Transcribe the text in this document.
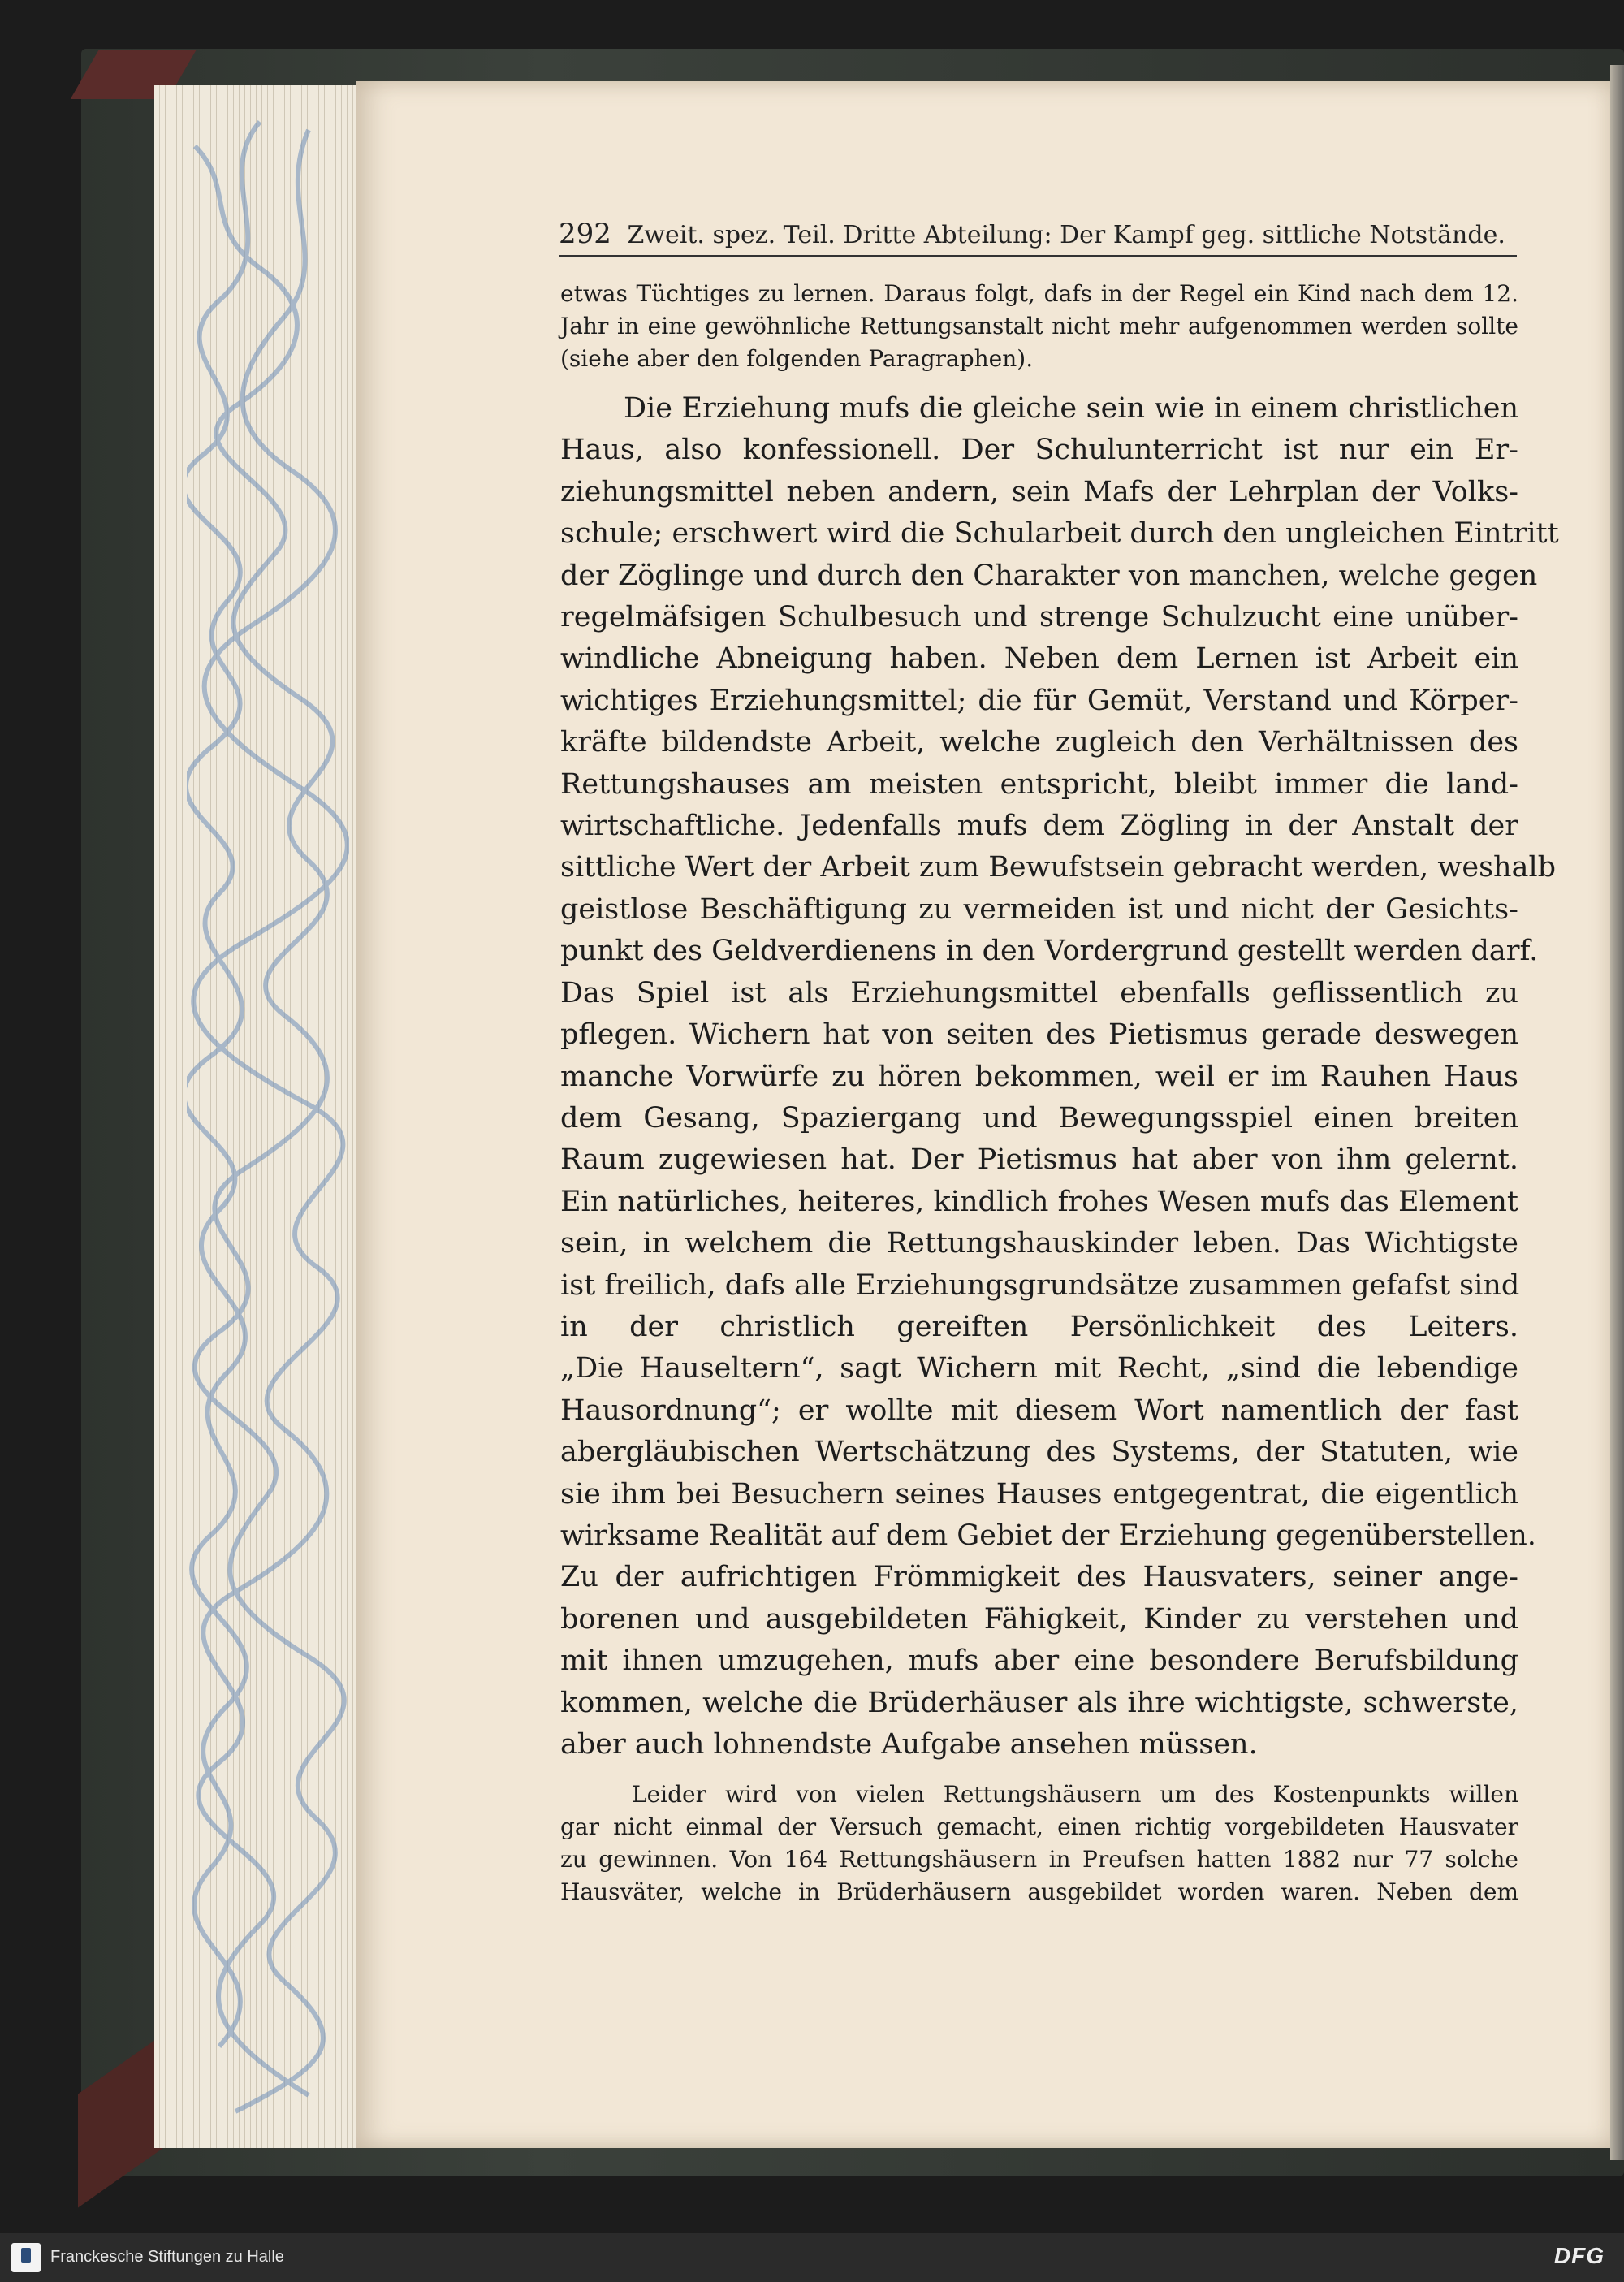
292 Zweit. spez. Teil. Dritte Abteilung: Der Kampf geg. sittliche Notstände.
etwas Tüchtiges zu lernen. Daraus folgt, dafs in der Regel ein Kind nach dem 12. Jahr in eine gewöhnliche Rettungsanstalt nicht mehr aufgenommen werden sollte (siehe aber den folgenden Paragraphen).
Die Erziehung mufs die gleiche sein wie in einem christlichen
Haus, also konfessionell. Der Schulunterricht ist nur ein Er-
ziehungsmittel neben andern, sein Mafs der Lehrplan der Volks-
schule; erschwert wird die Schularbeit durch den ungleichen Eintritt
der Zöglinge und durch den Charakter von manchen, welche gegen
regelmäfsigen Schulbesuch und strenge Schulzucht eine unüber-
windliche Abneigung haben. Neben dem Lernen ist Arbeit ein
wichtiges Erziehungsmittel; die für Gemüt, Verstand und Körper-
kräfte bildendste Arbeit, welche zugleich den Verhältnissen des
Rettungshauses am meisten entspricht, bleibt immer die land-
wirtschaftliche. Jedenfalls mufs dem Zögling in der Anstalt der
sittliche Wert der Arbeit zum Bewufstsein gebracht werden, weshalb
geistlose Beschäftigung zu vermeiden ist und nicht der Gesichts-
punkt des Geldverdienens in den Vordergrund gestellt werden darf.
Das Spiel ist als Erziehungsmittel ebenfalls geflissentlich zu
pflegen. Wichern hat von seiten des Pietismus gerade deswegen
manche Vorwürfe zu hören bekommen, weil er im Rauhen Haus
dem Gesang, Spaziergang und Bewegungsspiel einen breiten
Raum zugewiesen hat. Der Pietismus hat aber von ihm gelernt.
Ein natürliches, heiteres, kindlich frohes Wesen mufs das Element
sein, in welchem die Rettungshauskinder leben. Das Wichtigste
ist freilich, dafs alle Erziehungsgrundsätze zusammen gefafst sind
in der christlich gereiften Persönlichkeit des Leiters.
„Die Hauseltern“, sagt Wichern mit Recht, „sind die lebendige
Hausordnung“; er wollte mit diesem Wort namentlich der fast
abergläubischen Wertschätzung des Systems, der Statuten, wie
sie ihm bei Besuchern seines Hauses entgegentrat, die eigentlich
wirksame Realität auf dem Gebiet der Erziehung gegenüberstellen.
Zu der aufrichtigen Frömmigkeit des Hausvaters, seiner ange-
borenen und ausgebildeten Fähigkeit, Kinder zu verstehen und
mit ihnen umzugehen, mufs aber eine besondere Berufsbildung
kommen, welche die Brüderhäuser als ihre wichtigste, schwerste,
aber auch lohnendste Aufgabe ansehen müssen.
Leider wird von vielen Rettungshäusern um des Kostenpunkts willen
gar nicht einmal der Versuch gemacht, einen richtig vorgebildeten Hausvater
zu gewinnen. Von 164 Rettungshäusern in Preufsen hatten 1882 nur 77 solche
Hausväter, welche in Brüderhäusern ausgebildet worden waren. Neben dem
Franckesche Stiftungen zu Halle	DFG
